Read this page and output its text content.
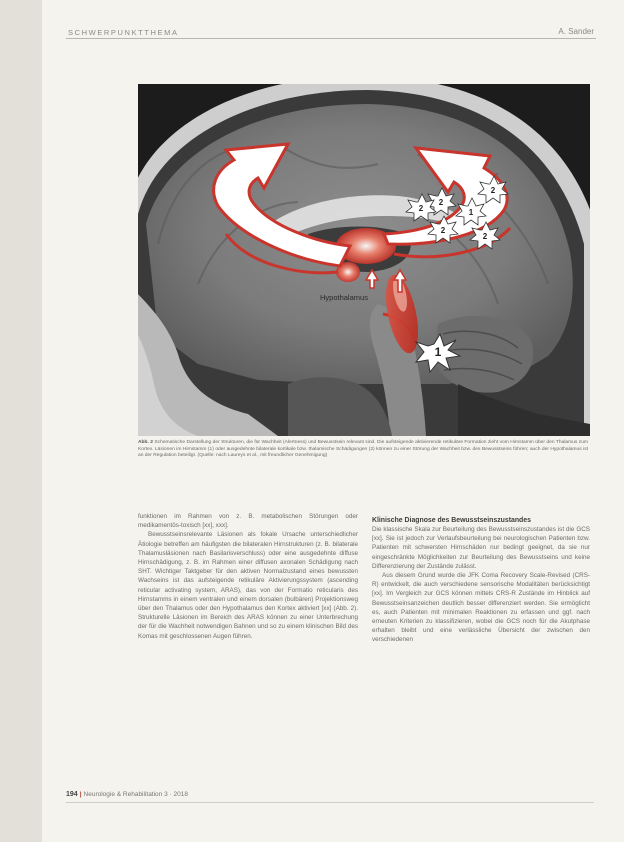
SCHWERPUNKTTHEMA	A. Sander
1
2
1
2
2
2
2
Hypothalamus

Abb. 2 Schematische Darstellung der Strukturen, die für Wachheit (Alertness) und Bewusstsein relevant sind. Die aufsteigende aktivierende retikuläre Formation zieht vom Hirnstamm über den Thalamus zum Kortex. Läsionen im Hirnstamm (1) oder ausgedehnte bilaterale kortikale bzw. thalamische Schädigungen (2) können zu einer Störung der Wachheit bzw. des Bewusstseins führen; auch der Hypothalamus ist an der Regulation beteiligt. (Quelle: nach Laureys et al., mit freundlicher Genehmigung)

funktionen im Rahmen von z. B. metabolischen Störungen oder medikamentös-toxisch [xx], xxx].

Bewusstseinsrelevante Läsionen als fokale Ursache unterschiedlicher Ätiologie betreffen am häufigsten die bilateralen Hirnstrukturen (z. B. bilaterale Thalamusläsionen nach Basilarisverschluss) oder eine ausgedehnte diffuse Hirnschädigung, z. B. im Rahmen einer diffusen axonalen Schädigung nach SHT. Wichtiger Taktgeber für den aktiven Normalzustand eines bewussten Wachseins ist das aufsteigende retikuläre Aktivierungssystem (ascending reticular activating system, ARAS), das von der Formatio reticularis des Hirnstamms in einem ventralen und einem dorsalen (bulbären) Projektionsweg über den Thalamus oder den Hypothalamus den Kortex aktiviert [xx] (Abb. 2). Strukturelle Läsionen im Bereich des ARAS können zu einer Unterbrechung der für die Wachheit notwendigen Bahnen und so zu einem klinischen Bild des Komas mit geschlossenen Augen führen.

Klinische Diagnose des Bewusstseinszustandes

Die klassische Skala zur Beurteilung des Bewusstseinszustandes ist die GCS [xx]. Sie ist jedoch zur Verlaufsbeurteilung bei neurologischen Patienten bzw. Patienten mit schwersten Hirnschäden nur bedingt geeignet, da sie nur eingeschränkte Möglichkeiten zur Beurteilung des Bewusstseins und keine Differenzierung der Zustände zulässt.

Aus diesem Grund wurde die JFK Coma Recovery Scale-Revised (CRS-R) entwickelt, die auch verschiedene sensorische Modalitäten berücksichtigt [xx]. Im Vergleich zur GCS können mittels CRS-R Zustände im Hinblick auf Bewusstseinsanzeichen deutlich besser differenziert werden. Sie ermöglicht es, auch Patienten mit minimalen Reaktionen zu erfassen und ggf. nach erneuten Kriterien zu klassifizieren, wobei die GCS noch für die Akutphase erhalten bleibt und eine verlässliche Übersicht der zwischen den verschiedenen

194 | Neurologie & Rehabilitation 3 · 2018
